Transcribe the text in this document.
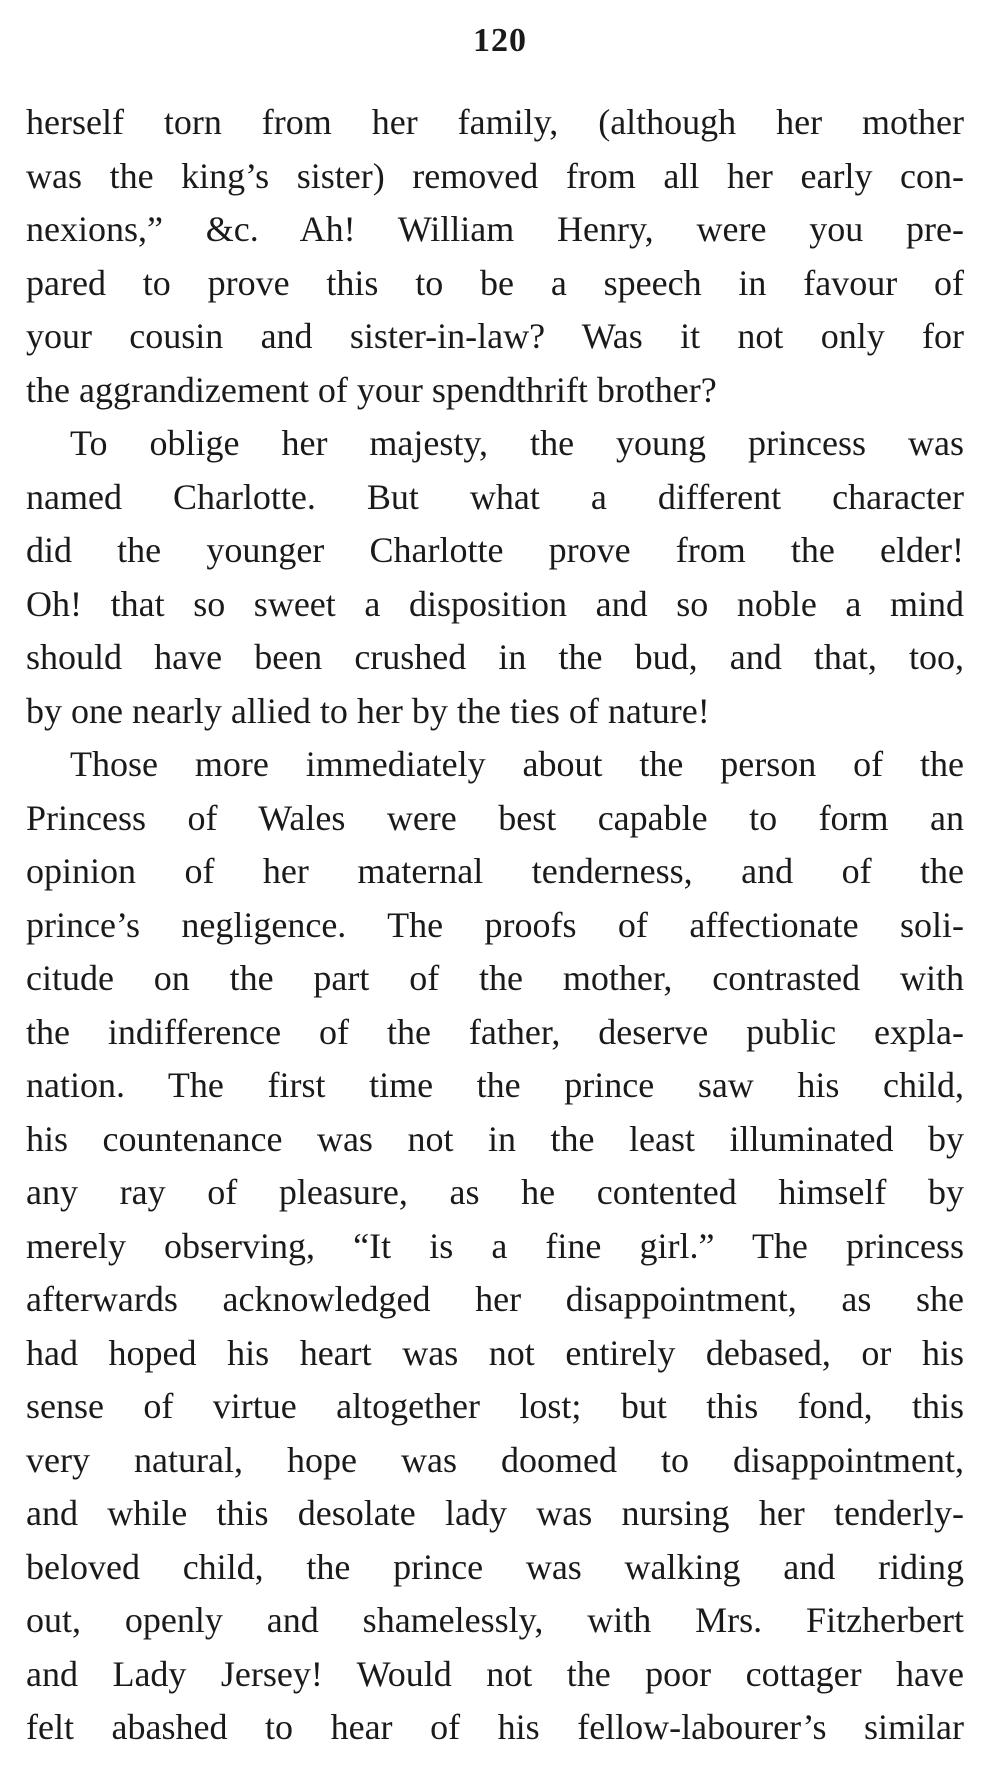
120
herself torn from her family, (although her mother
was the king’s sister) removed from all her early con-
nexions,” &c. Ah! William Henry, were you pre-
pared to prove this to be a speech in favour of
your cousin and sister-in-law? Was it not only for
the aggrandizement of your spendthrift brother?
To oblige her majesty, the young princess was
named Charlotte. But what a different character
did the younger Charlotte prove from the elder!
Oh! that so sweet a disposition and so noble a mind
should have been crushed in the bud, and that, too,
by one nearly allied to her by the ties of nature!
Those more immediately about the person of the
Princess of Wales were best capable to form an
opinion of her maternal tenderness, and of the
prince’s negligence. The proofs of affectionate soli-
citude on the part of the mother, contrasted with
the indifference of the father, deserve public expla-
nation. The first time the prince saw his child,
his countenance was not in the least illuminated by
any ray of pleasure, as he contented himself by
merely observing, “It is a fine girl.” The princess
afterwards acknowledged her disappointment, as she
had hoped his heart was not entirely debased, or his
sense of virtue altogether lost; but this fond, this
very natural, hope was doomed to disappointment,
and while this desolate lady was nursing her tenderly-
beloved child, the prince was walking and riding
out, openly and shamelessly, with Mrs. Fitzherbert
and Lady Jersey! Would not the poor cottager have
felt abashed to hear of his fellow-labourer’s similar
